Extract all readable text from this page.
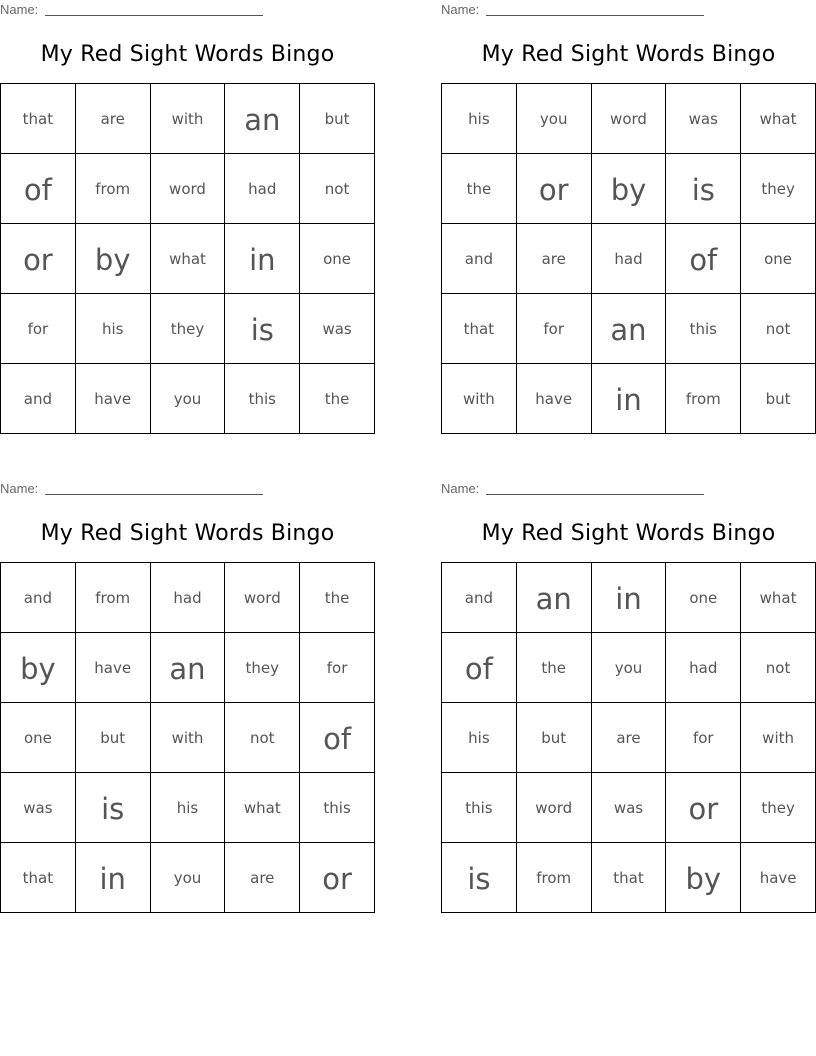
Name:
My Red Sight Words Bingo
that	are	with	an	but
of	from	word	had	not
or	by	what	in	one
for	his	they	is	was
and	have	you	this	the
Name:
My Red Sight Words Bingo
his	you	word	was	what
the	or	by	is	they
and	are	had	of	one
that	for	an	this	not
with	have	in	from	but
Name:
My Red Sight Words Bingo
and	from	had	word	the
by	have	an	they	for
one	but	with	not	of
was	is	his	what	this
that	in	you	are	or
Name:
My Red Sight Words Bingo
and	an	in	one	what
of	the	you	had	not
his	but	are	for	with
this	word	was	or	they
is	from	that	by	have
